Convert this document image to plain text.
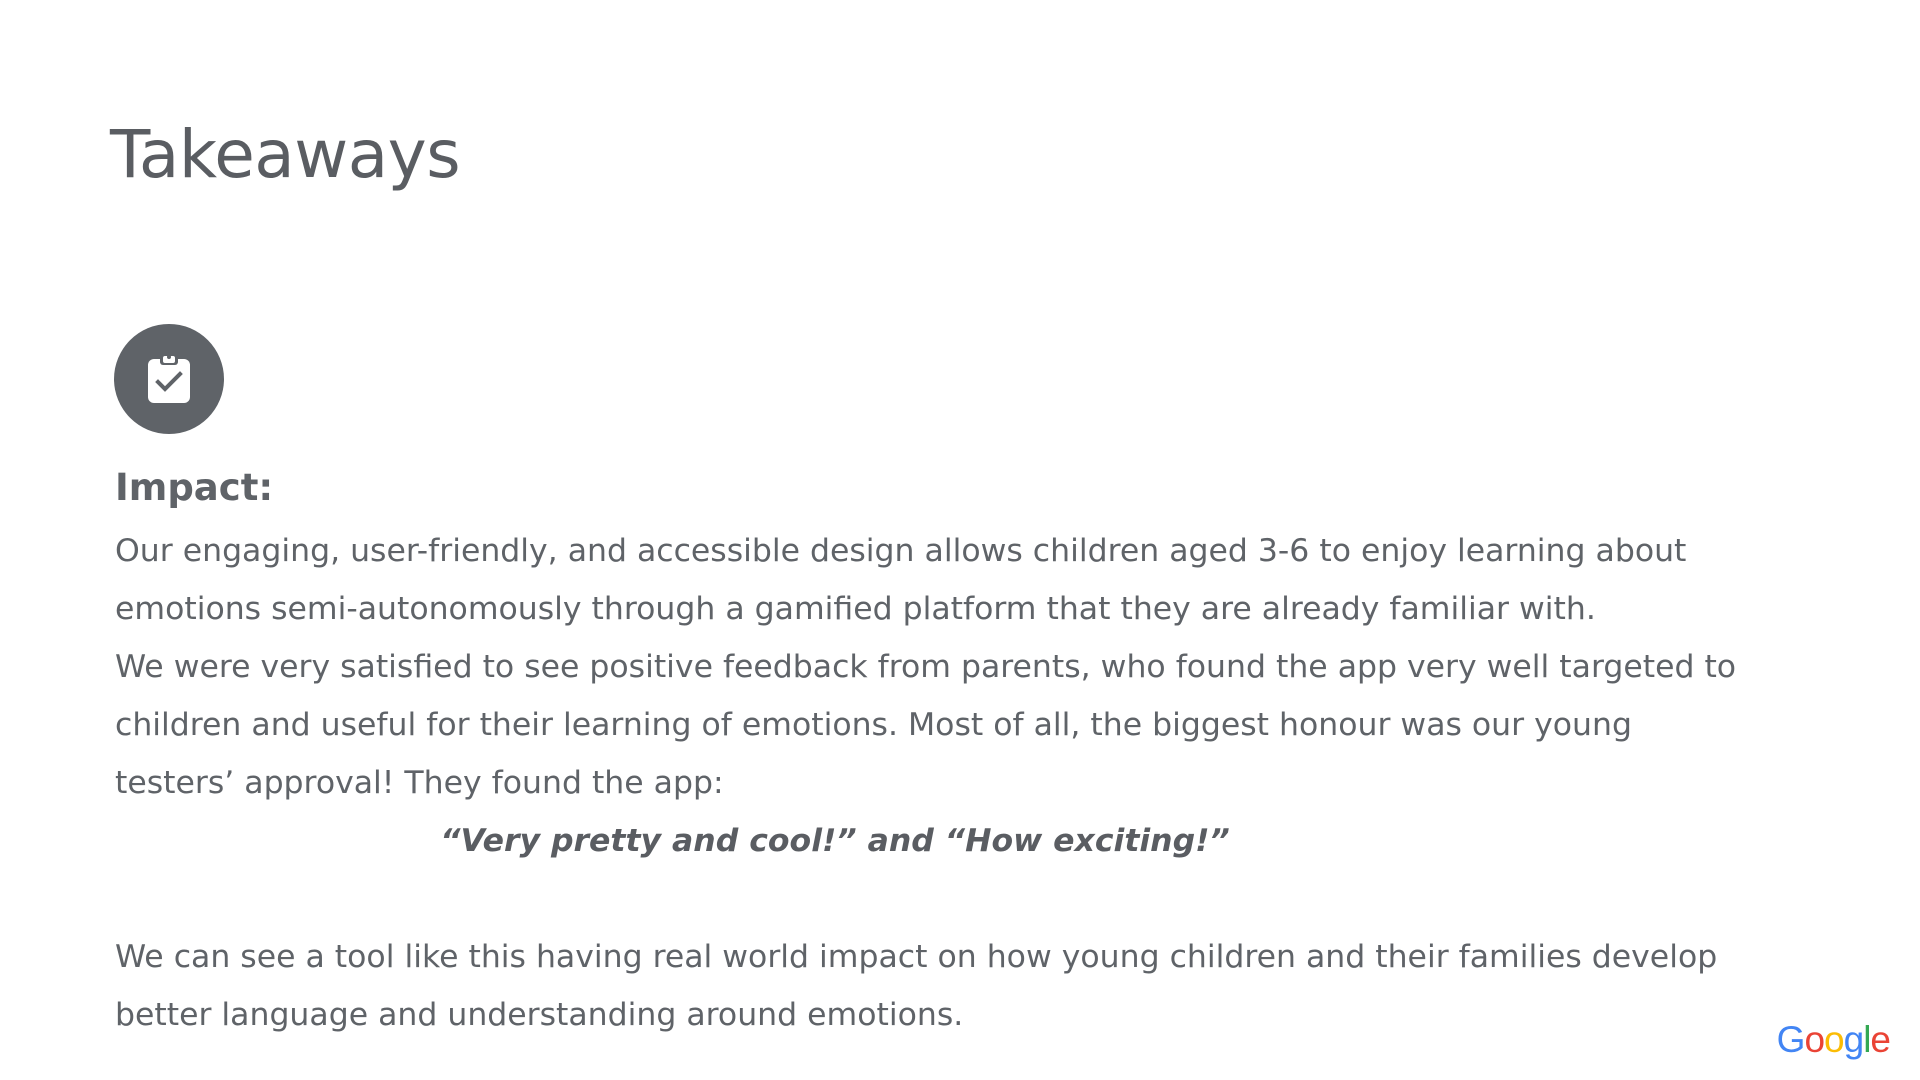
Takeaways
Impact:

Our engaging, user-friendly, and accessible design allows children aged 3-6 to enjoy learning about emotions semi-autonomously through a gamified platform that they are already familiar with.

We were very satisfied to see positive feedback from parents, who found the app very well targeted to children and useful for their learning of emotions. Most of all, the biggest honour was our young testers’ approval! They found the app:

“Very pretty and cool!” and “How exciting!”

We can see a tool like this having real world impact on how young children and their families develop better language and understanding around emotions.

Google
